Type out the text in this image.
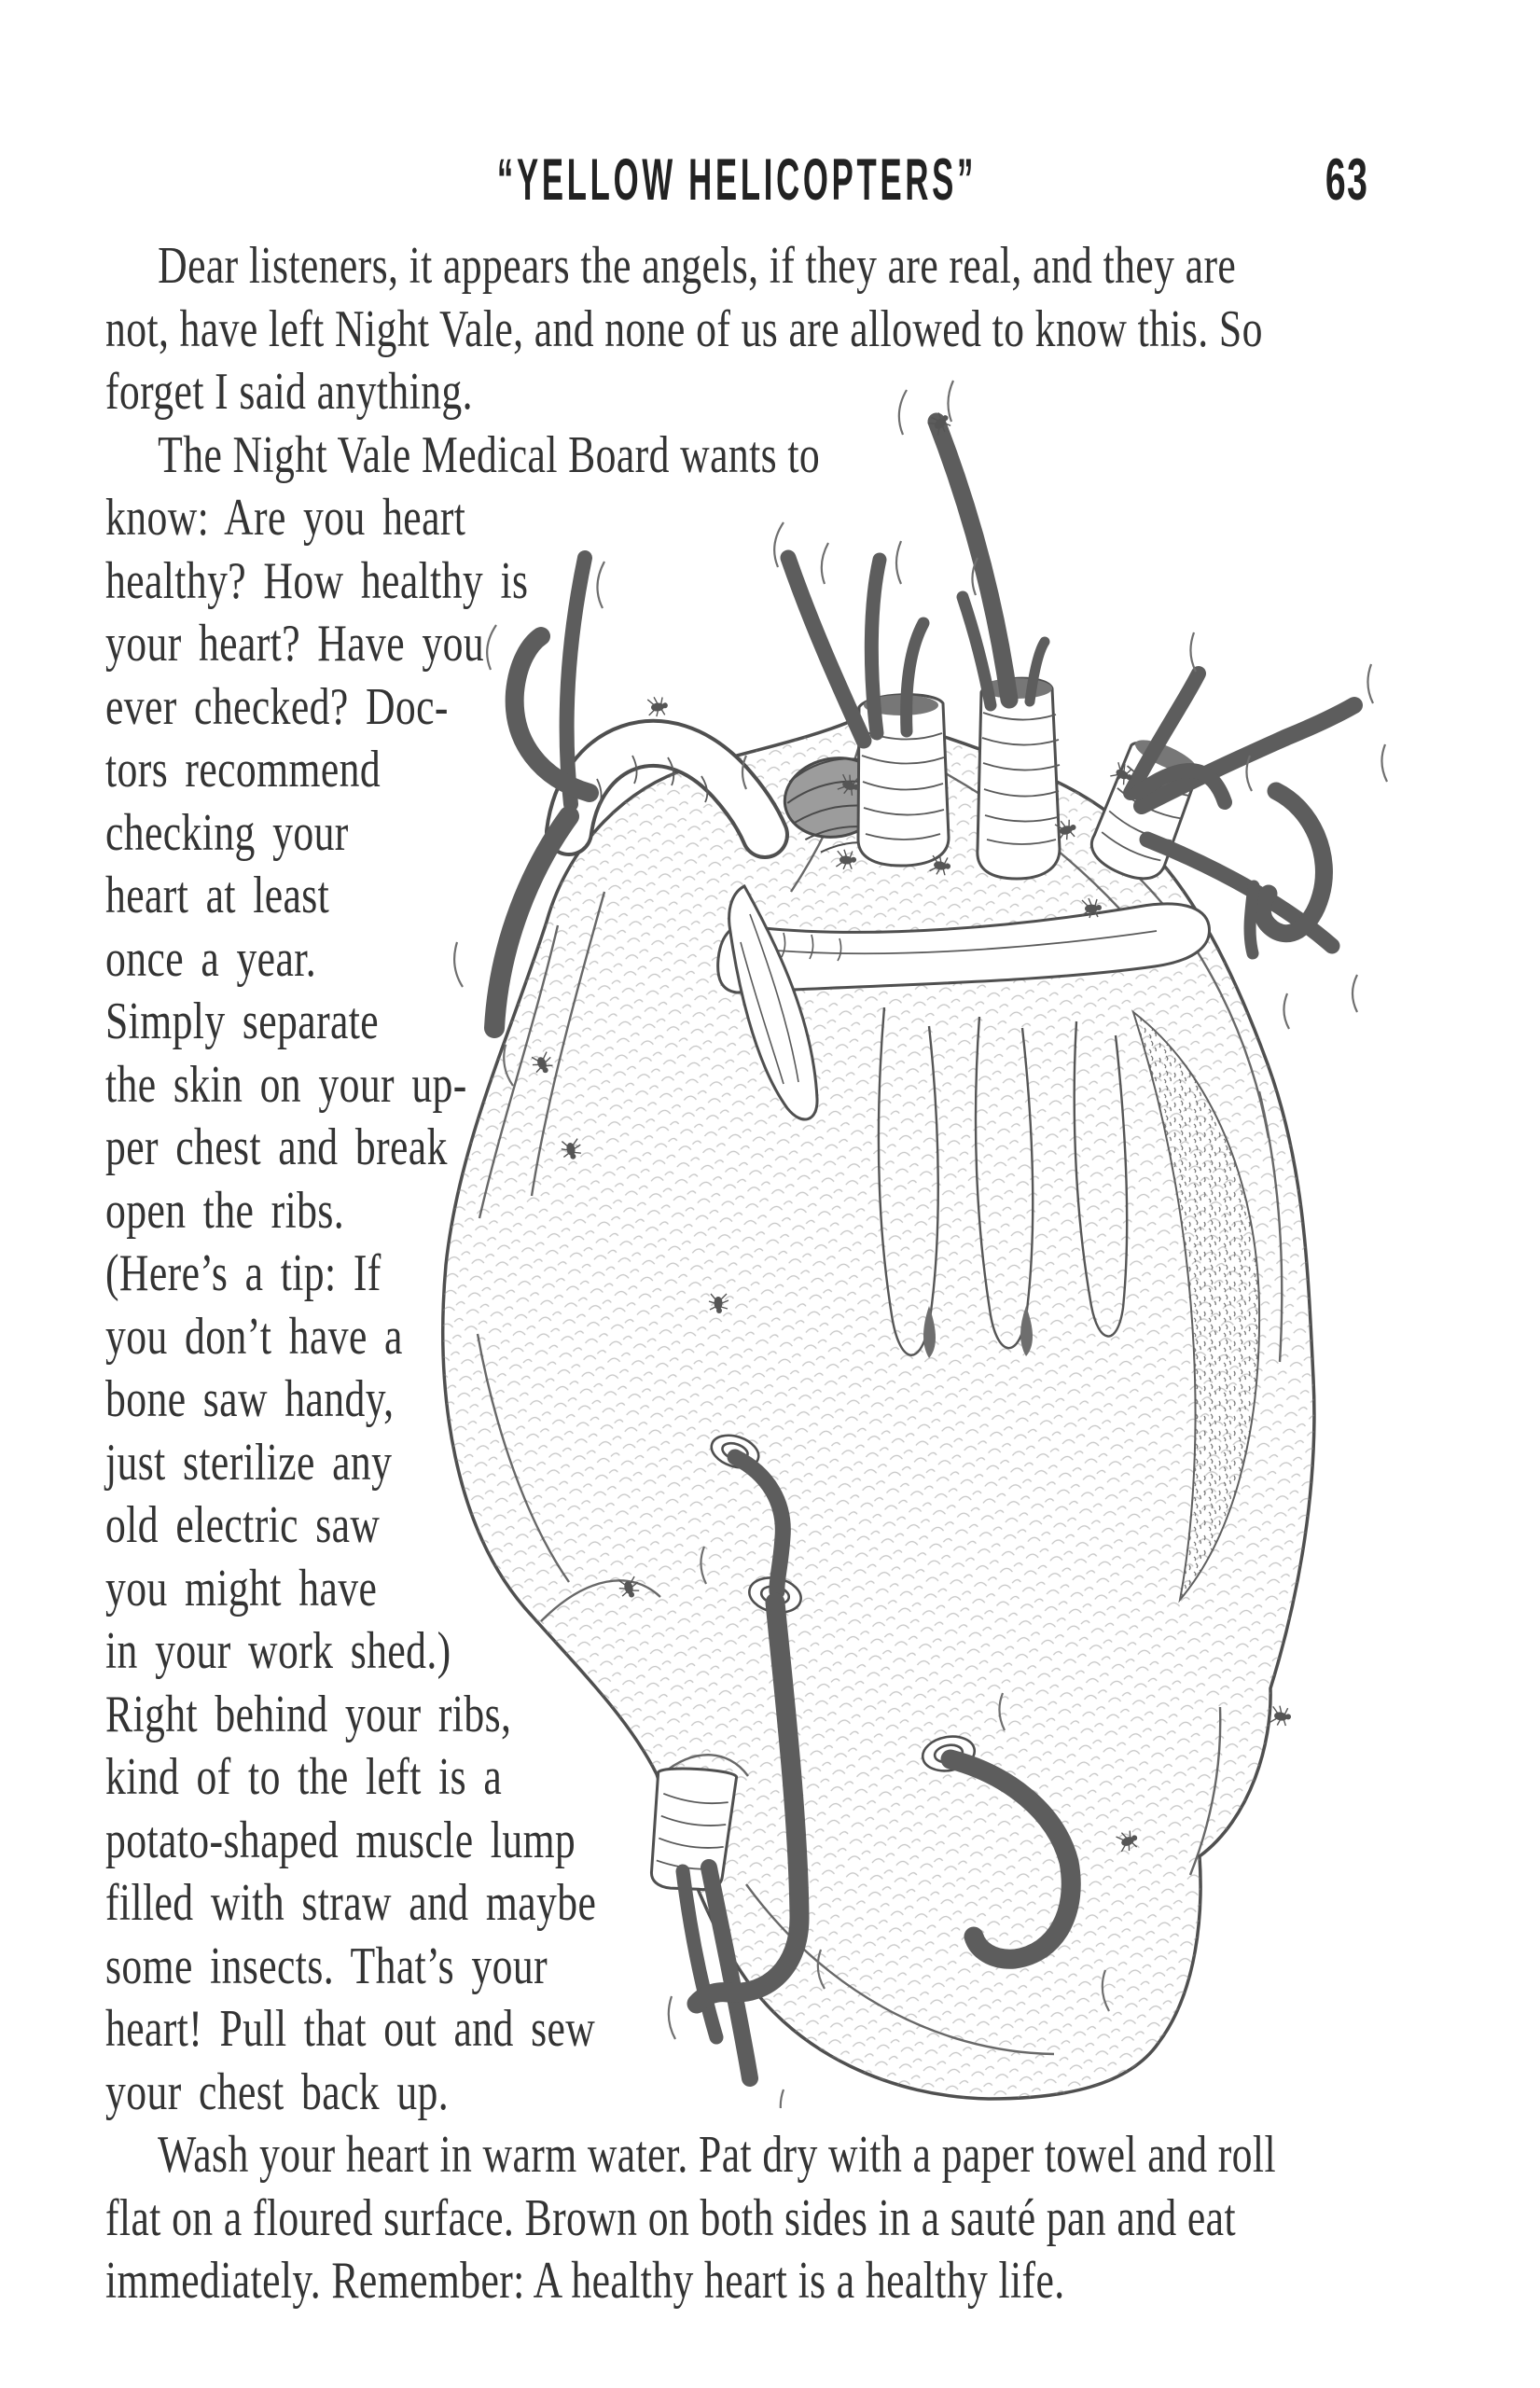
“YELLOW HELICOPTERS”	63
Dear listeners, it appears the angels, if they are real, and they are
not, have left Night Vale, and none of us are allowed to know this. So
forget I said anything.
The Night Vale Medical Board wants to
know: Are you heart
healthy? How healthy is
your heart? Have you
ever checked? Doc-
tors recommend
checking your
heart at least
once a year.
Simply separate
the skin on your up-
per chest and break
open the ribs.
(Here’s a tip: If
you don’t have a
bone saw handy,
just sterilize any
old electric saw
you might have
in your work shed.)
Right behind your ribs,
kind of to the left is a
potato-shaped muscle lump
filled with straw and maybe
some insects. That’s your
heart! Pull that out and sew
your chest back up.
Wash your heart in warm water. Pat dry with a paper towel and roll
flat on a floured surface. Brown on both sides in a sauté pan and eat
immediately. Remember: A healthy heart is a healthy life.
